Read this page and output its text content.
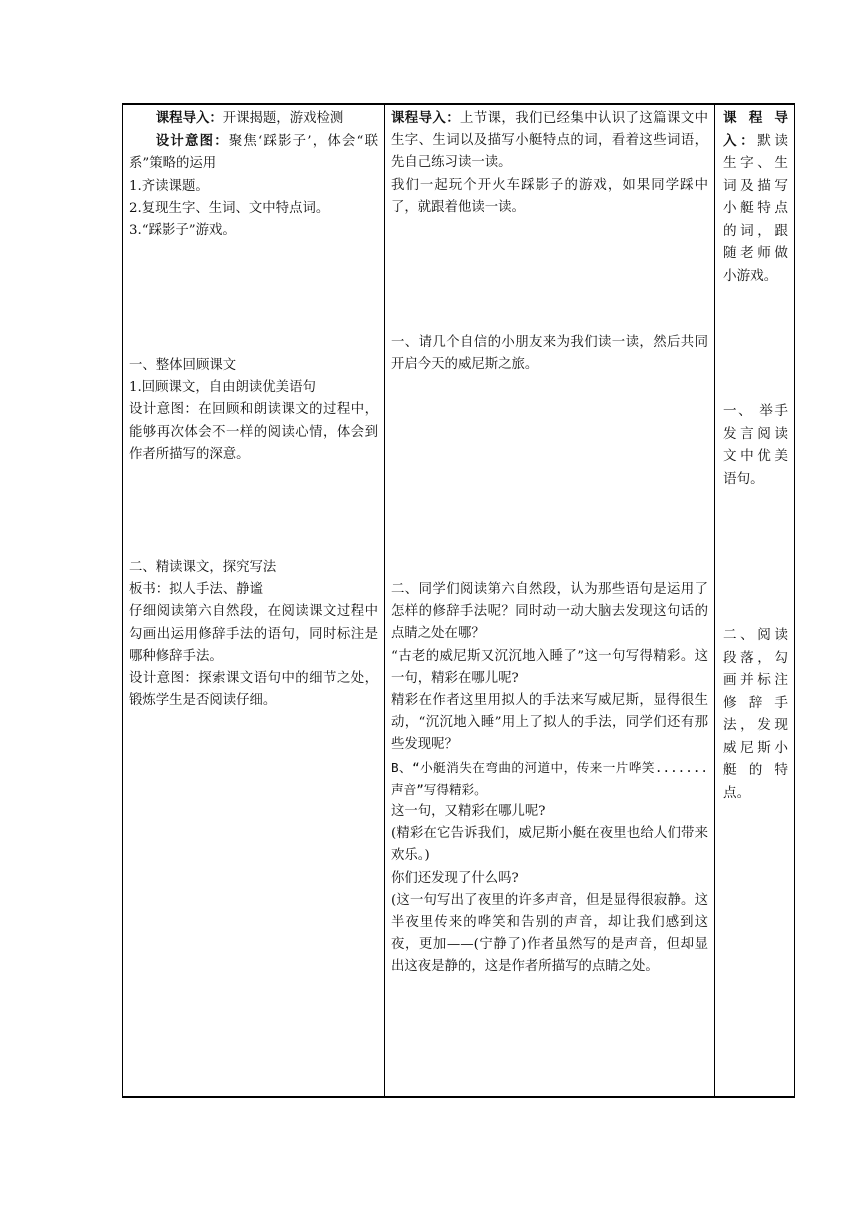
课程导入：开课揭题，游戏检测

设计意图：聚焦‘踩影子’，体会“联系”策略的运用

1.齐读课题。

2.复现生字、生词、文中特点词。

3.“踩影子”游戏。

一、整体回顾课文

1.回顾课文，自由朗读优美语句

设计意图：在回顾和朗读课文的过程中，能够再次体会不一样的阅读心情，体会到作者所描写的深意。

二、精读课文，探究写法

板书：拟人手法、静谧

仔细阅读第六自然段，在阅读课文过程中勾画出运用修辞手法的语句，同时标注是哪种修辞手法。

设计意图：探索课文语句中的细节之处，锻炼学生是否阅读仔细。

课程导入：上节课，我们已经集中认识了这篇课文中生字、生词以及描写小艇特点的词，看着这些词语，先自己练习读一读。

我们一起玩个开火车踩影子的游戏，如果同学踩中了，就跟着他读一读。

一、请几个自信的小朋友来为我们读一读，然后共同开启今天的威尼斯之旅。

二、同学们阅读第六自然段，认为那些语句是运用了怎样的修辞手法呢？同时动一动大脑去发现这句话的点睛之处在哪？

“古老的威尼斯又沉沉地入睡了”这一句写得精彩。这一句，精彩在哪儿呢?

精彩在作者这里用拟人的手法来写威尼斯，显得很生动，“沉沉地入睡”用上了拟人的手法，同学们还有那些发现呢？

B、“小艇消失在弯曲的河道中，传来一片哗笑.......声音”写得精彩。

这一句，又精彩在哪儿呢?

(精彩在它告诉我们，威尼斯小艇在夜里也给人们带来欢乐。)

你们还发现了什么吗?

(这一句写出了夜里的许多声音，但是显得很寂静。这半夜里传来的哗笑和告别的声音，却让我们感到这夜，更加——(宁静了)作者虽然写的是声音，但却显出这夜是静的，这是作者所描写的点睛之处。

课 程 导 入：默读生字、生词及描写小艇特点的词，跟随老师做小游戏。

一、 举手发言阅读文中优美语句。

二、阅读段落，勾画并标注修 辞 手法，发现威尼斯小艇 的 特点。
